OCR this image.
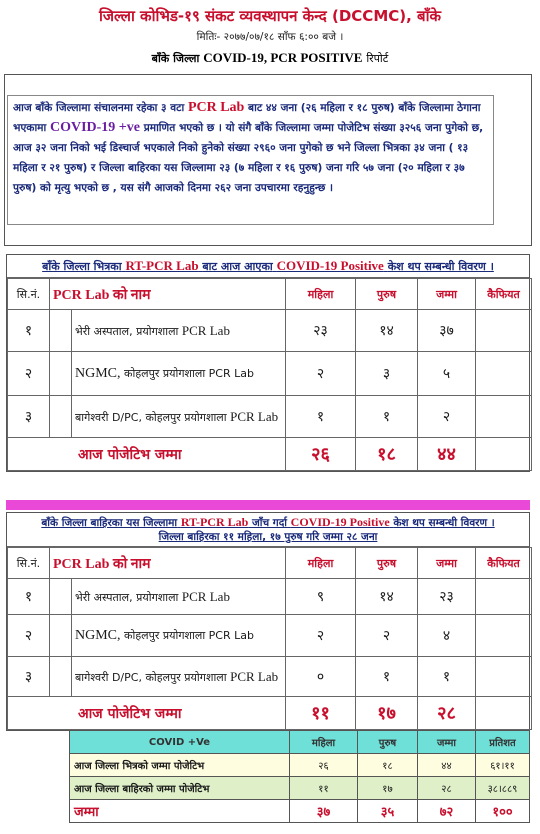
जिल्ला कोभिड-१९ संकट व्यवस्थापन केन्द (DCCMC), बाँके
मितिः- २०७७/०७/१८ साँफ ६:०० बजे ।
बाँके जिल्ला COVID-19, PCR POSITIVE रिपोर्ट
आज बाँके जिल्लामा संचालनमा रहेका ३ वटा PCR Lab बाट ४४ जना (२६ महिला र १८ पुरुष) बाँके जिल्लामा ठेगाना भएकामा COVID-19 +ve प्रमाणित भएको छ । यो संगै बाँके जिल्लामा जम्मा पोजेटिभ संख्या ३२५६ जना पुगेको छ, आज ३२ जना निको भई डिस्चार्ज भएकाले निको हुनेको संख्या २९६० जना पुगेको छ भने जिल्ला भित्रका ३४ जना ( १३ महिला र २१ पुरुष) र जिल्ला बाहिरका यस जिल्लामा २३ (७ महिला र १६ पुरुष) जना गरि ५७ जना (२० महिला र ३७ पुरुष) को मृत्यु भएको छ , यस संगै आजको दिनमा २६२ जना उपचारमा रहनुहुन्छ ।
बाँके जिल्ला भित्रका RT-PCR Lab बाट आज आएका COVID-19 Positive केश थप सम्बन्धी विवरण ।
सि.नं.	PCR Lab को नाम		महिला	पुरुष	जम्मा	कैफियत
१		भेरी अस्पताल, प्रयोगशाला PCR Lab	२३	१४	३७	
२		NGMC, कोहलपुर प्रयोगशाला PCR Lab	२	३	५	
३		बागेश्वरी D/PC, कोहलपुर प्रयोगशाला PCR Lab	१	१	२	
आज पोजेटिभ जम्मा			२६	१८	४४	
बाँके जिल्ला बाहिरका यस जिल्लामा RT-PCR Lab जाँच गर्दा COVID-19 Positive केश थप सम्बन्धी विवरण ।
जिल्ला बाहिरका ११ महिला, १७ पुरुष गरि जम्मा २८ जना
सि.नं.	PCR Lab को नाम		महिला	पुरुष	जम्मा	कैफियत
१		भेरी अस्पताल, प्रयोगशाला PCR Lab	९	१४	२३	
२		NGMC, कोहलपुर प्रयोगशाला PCR Lab	२	२	४	
३		बागेश्वरी D/PC, कोहलपुर प्रयोगशाला PCR Lab	०	१	१	
आज पोजेटिभ जम्मा			११	१७	२८	
COVID +Ve	महिला	पुरुष	जम्मा	प्रतिशत
आज जिल्ला भित्रको जम्मा पोजेटिभ	२६	१८	४४	६१।११
आज जिल्ला बाहिरको जम्मा पोजेटिभ	११	१७	२८	३८।८८९
जम्मा	३७	३५	७२	१००
